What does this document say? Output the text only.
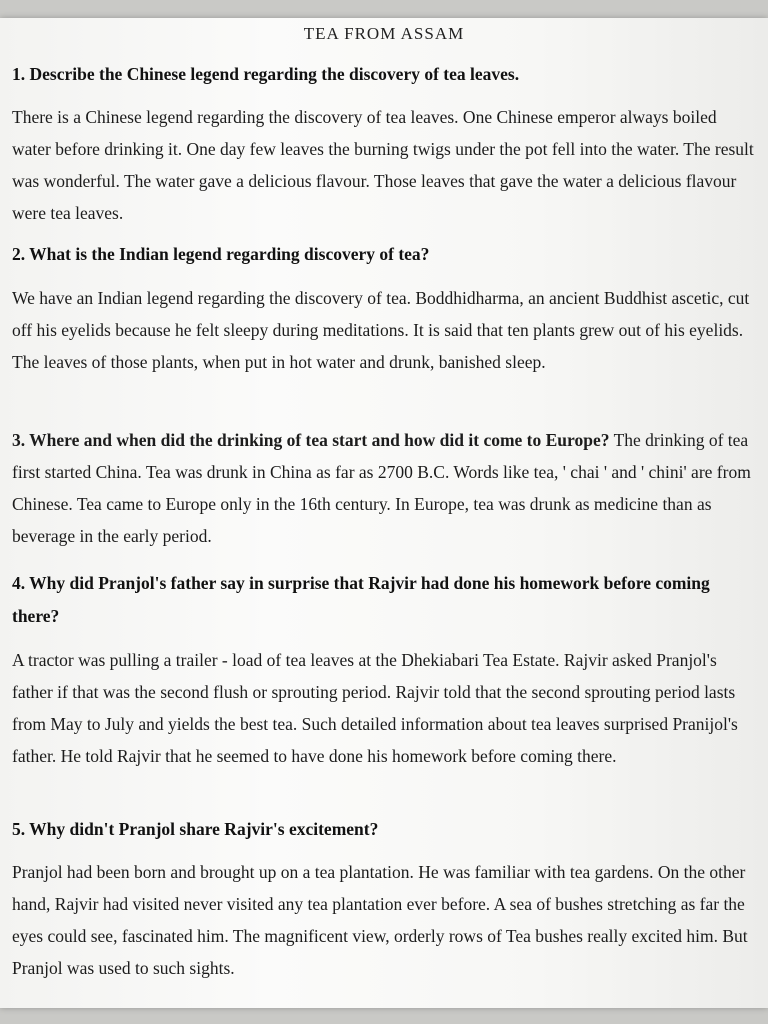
TEA FROM ASSAM
1. Describe the Chinese legend regarding the discovery of tea leaves.
There is a Chinese legend regarding the discovery of tea leaves. One Chinese emperor always boiled water before drinking it. One day few leaves the burning twigs under the pot fell into the water. The result was wonderful. The water gave a delicious flavour. Those leaves that gave the water a delicious flavour were tea leaves.
2. What is the Indian legend regarding discovery of tea?
We have an Indian legend regarding the discovery of tea. Boddhidharma, an ancient Buddhist ascetic, cut off his eyelids because he felt sleepy during meditations. It is said that ten plants grew out of his eyelids. The leaves of those plants, when put in hot water and drunk, banished sleep.
3. Where and when did the drinking of tea start and how did it come to Europe? The drinking of tea first started China. Tea was drunk in China as far as 2700 B.C. Words like tea, ' chai ' and ' chini' are from Chinese. Tea came to Europe only in the 16th century. In Europe, tea was drunk as medicine than as beverage in the early period.
4. Why did Pranjol's father say in surprise that Rajvir had done his homework before coming there?
A tractor was pulling a trailer - load of tea leaves at the Dhekiabari Tea Estate. Rajvir asked Pranjol's father if that was the second flush or sprouting period. Rajvir told that the second sprouting period lasts from May to July and yields the best tea. Such detailed information about tea leaves surprised Pranijol's father. He told Rajvir that he seemed to have done his homework before coming there.
5. Why didn't Pranjol share Rajvir's excitement?
Pranjol had been born and brought up on a tea plantation. He was familiar with tea gardens. On the other hand, Rajvir had visited never visited any tea plantation ever before. A sea of bushes stretching as far the eyes could see, fascinated him. The magnificent view, orderly rows of Tea bushes really excited him. But Pranjol was used to such sights.
